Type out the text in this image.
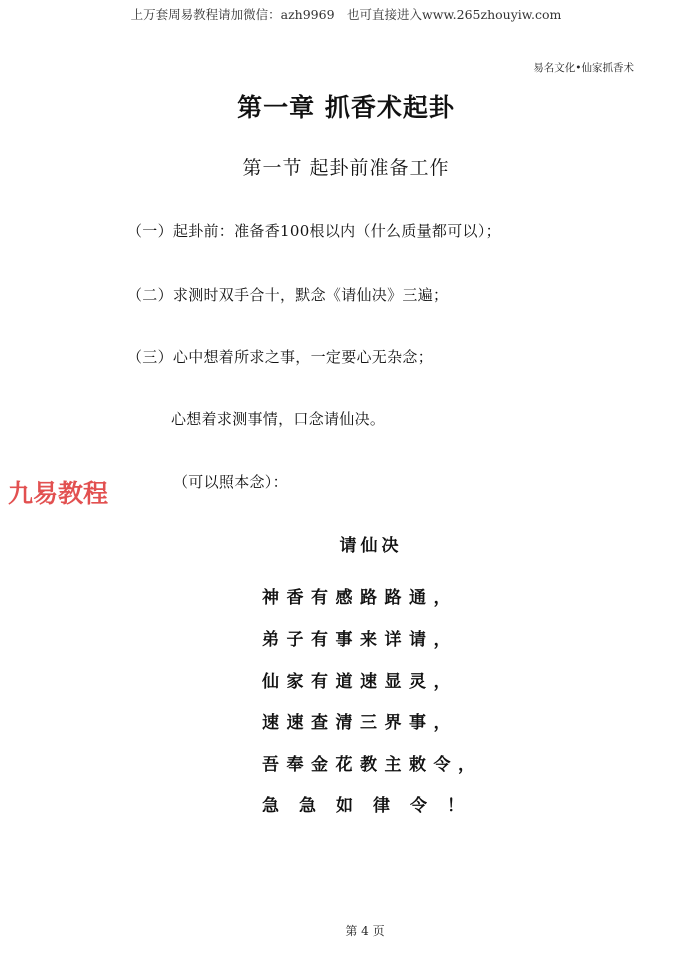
上万套周易教程请加微信：azh9969　也可直接进入www.265zhouyiw.com
易名文化•仙家抓香术
第一章 抓香术起卦
第一节 起卦前准备工作
（一）起卦前：准备香100根以内（什么质量都可以）；
（二）求测时双手合十，默念《请仙决》三遍；
（三）心中想着所求之事，一定要心无杂念；
心想着求测事情，口念请仙决。
（可以照本念）：
九易教程
请仙决
神香有感路路通，
弟子有事来详请，
仙家有道速显灵，
速速查清三界事，
吾奉金花教主敕令，
急急如律令！
第 4 页
